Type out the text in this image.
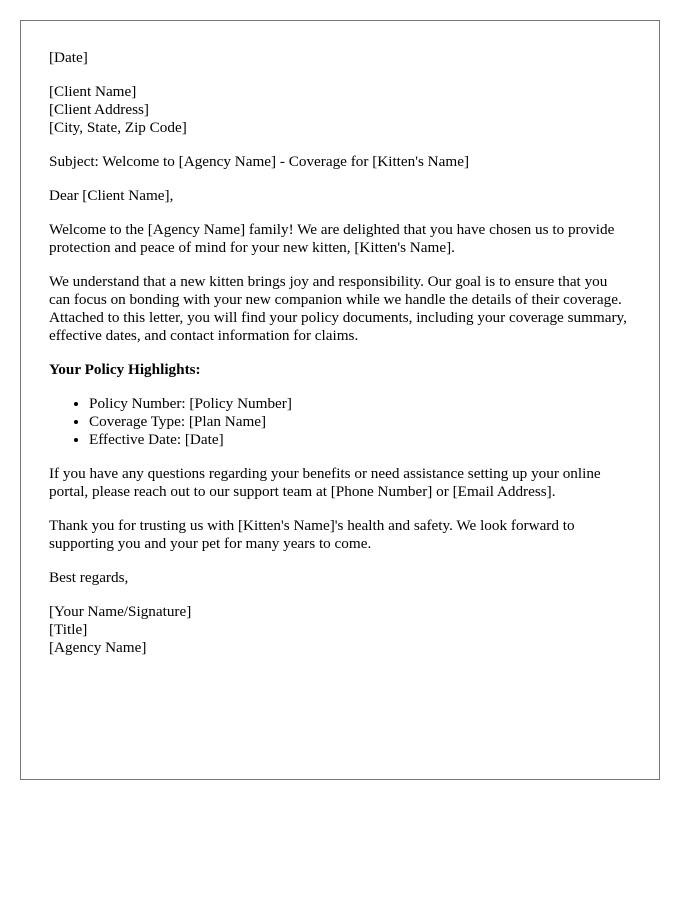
[Date]

[Client Name]

[Client Address]

[City, State, Zip Code]

Subject: Welcome to [Agency Name] - Coverage for [Kitten's Name]

Dear [Client Name],

Welcome to the [Agency Name] family! We are delighted that you have chosen us to provide protection and peace of mind for your new kitten, [Kitten's Name].

We understand that a new kitten brings joy and responsibility. Our goal is to ensure that you can focus on bonding with your new companion while we handle the details of their coverage. Attached to this letter, you will find your policy documents, including your coverage summary, effective dates, and contact information for claims.

Your Policy Highlights:

• Policy Number: [Policy Number]
• Coverage Type: [Plan Name]
• Effective Date: [Date]

If you have any questions regarding your benefits or need assistance setting up your online portal, please reach out to our support team at [Phone Number] or [Email Address].

Thank you for trusting us with [Kitten's Name]'s health and safety. We look forward to supporting you and your pet for many years to come.

Best regards,

[Your Name/Signature]

[Title]

[Agency Name]
